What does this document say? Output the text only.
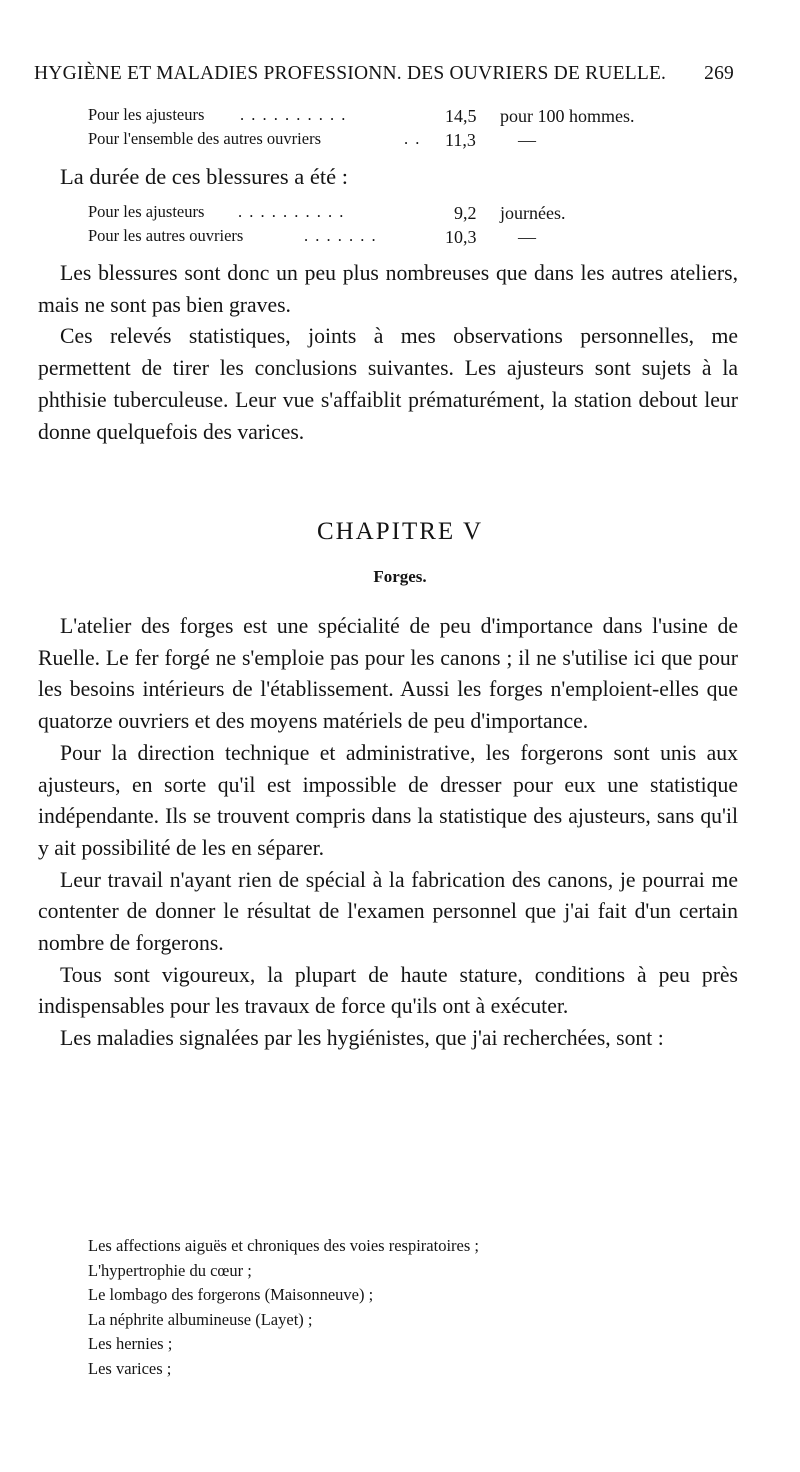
HYGIÈNE ET MALADIES PROFESSIONN. DES OUVRIERS DE RUELLE. 269
Pour les ajusteurs . . . . . . . . . .	14,5 pour 100 hommes.
Pour l'ensemble des autres ouvriers	. . 11,3 —
La durée de ces blessures a été :
Pour les ajusteurs . . . . . . . . . .	9,2 journées.
Pour les autres ouvriers	. . . . . . .	10,3 —

Les blessures sont donc un peu plus nombreuses que dans les autres ateliers, mais ne sont pas bien graves.

Ces relevés statistiques, joints à mes observations personnelles, me permettent de tirer les conclusions suivantes. Les ajusteurs sont sujets à la phthisie tuberculeuse. Leur vue s'affaiblit prématurément, la station debout leur donne quelquefois des varices.

CHAPITRE V
Forges.

L'atelier des forges est une spécialité de peu d'importance dans l'usine de Ruelle. Le fer forgé ne s'emploie pas pour les canons ; il ne s'utilise ici que pour les besoins intérieurs de l'établissement. Aussi les forges n'emploient-elles que quatorze ouvriers et des moyens matériels de peu d'importance.

Pour la direction technique et administrative, les forgerons sont unis aux ajusteurs, en sorte qu'il est impossible de dresser pour eux une statistique indépendante. Ils se trouvent compris dans la statistique des ajusteurs, sans qu'il y ait possibilité de les en séparer.

Leur travail n'ayant rien de spécial à la fabrication des canons, je pourrai me contenter de donner le résultat de l'examen personnel que j'ai fait d'un certain nombre de forgerons.

Tous sont vigoureux, la plupart de haute stature, conditions à peu près indispensables pour les travaux de force qu'ils ont à exécuter.

Les maladies signalées par les hygiénistes, que j'ai recherchées, sont :

Les affections aiguës et chroniques des voies respiratoires ;
L'hypertrophie du cœur ;
Le lombago des forgerons (Maisonneuve) ;
La néphrite albumineuse (Layet) ;
Les hernies ;
Les varices ;
